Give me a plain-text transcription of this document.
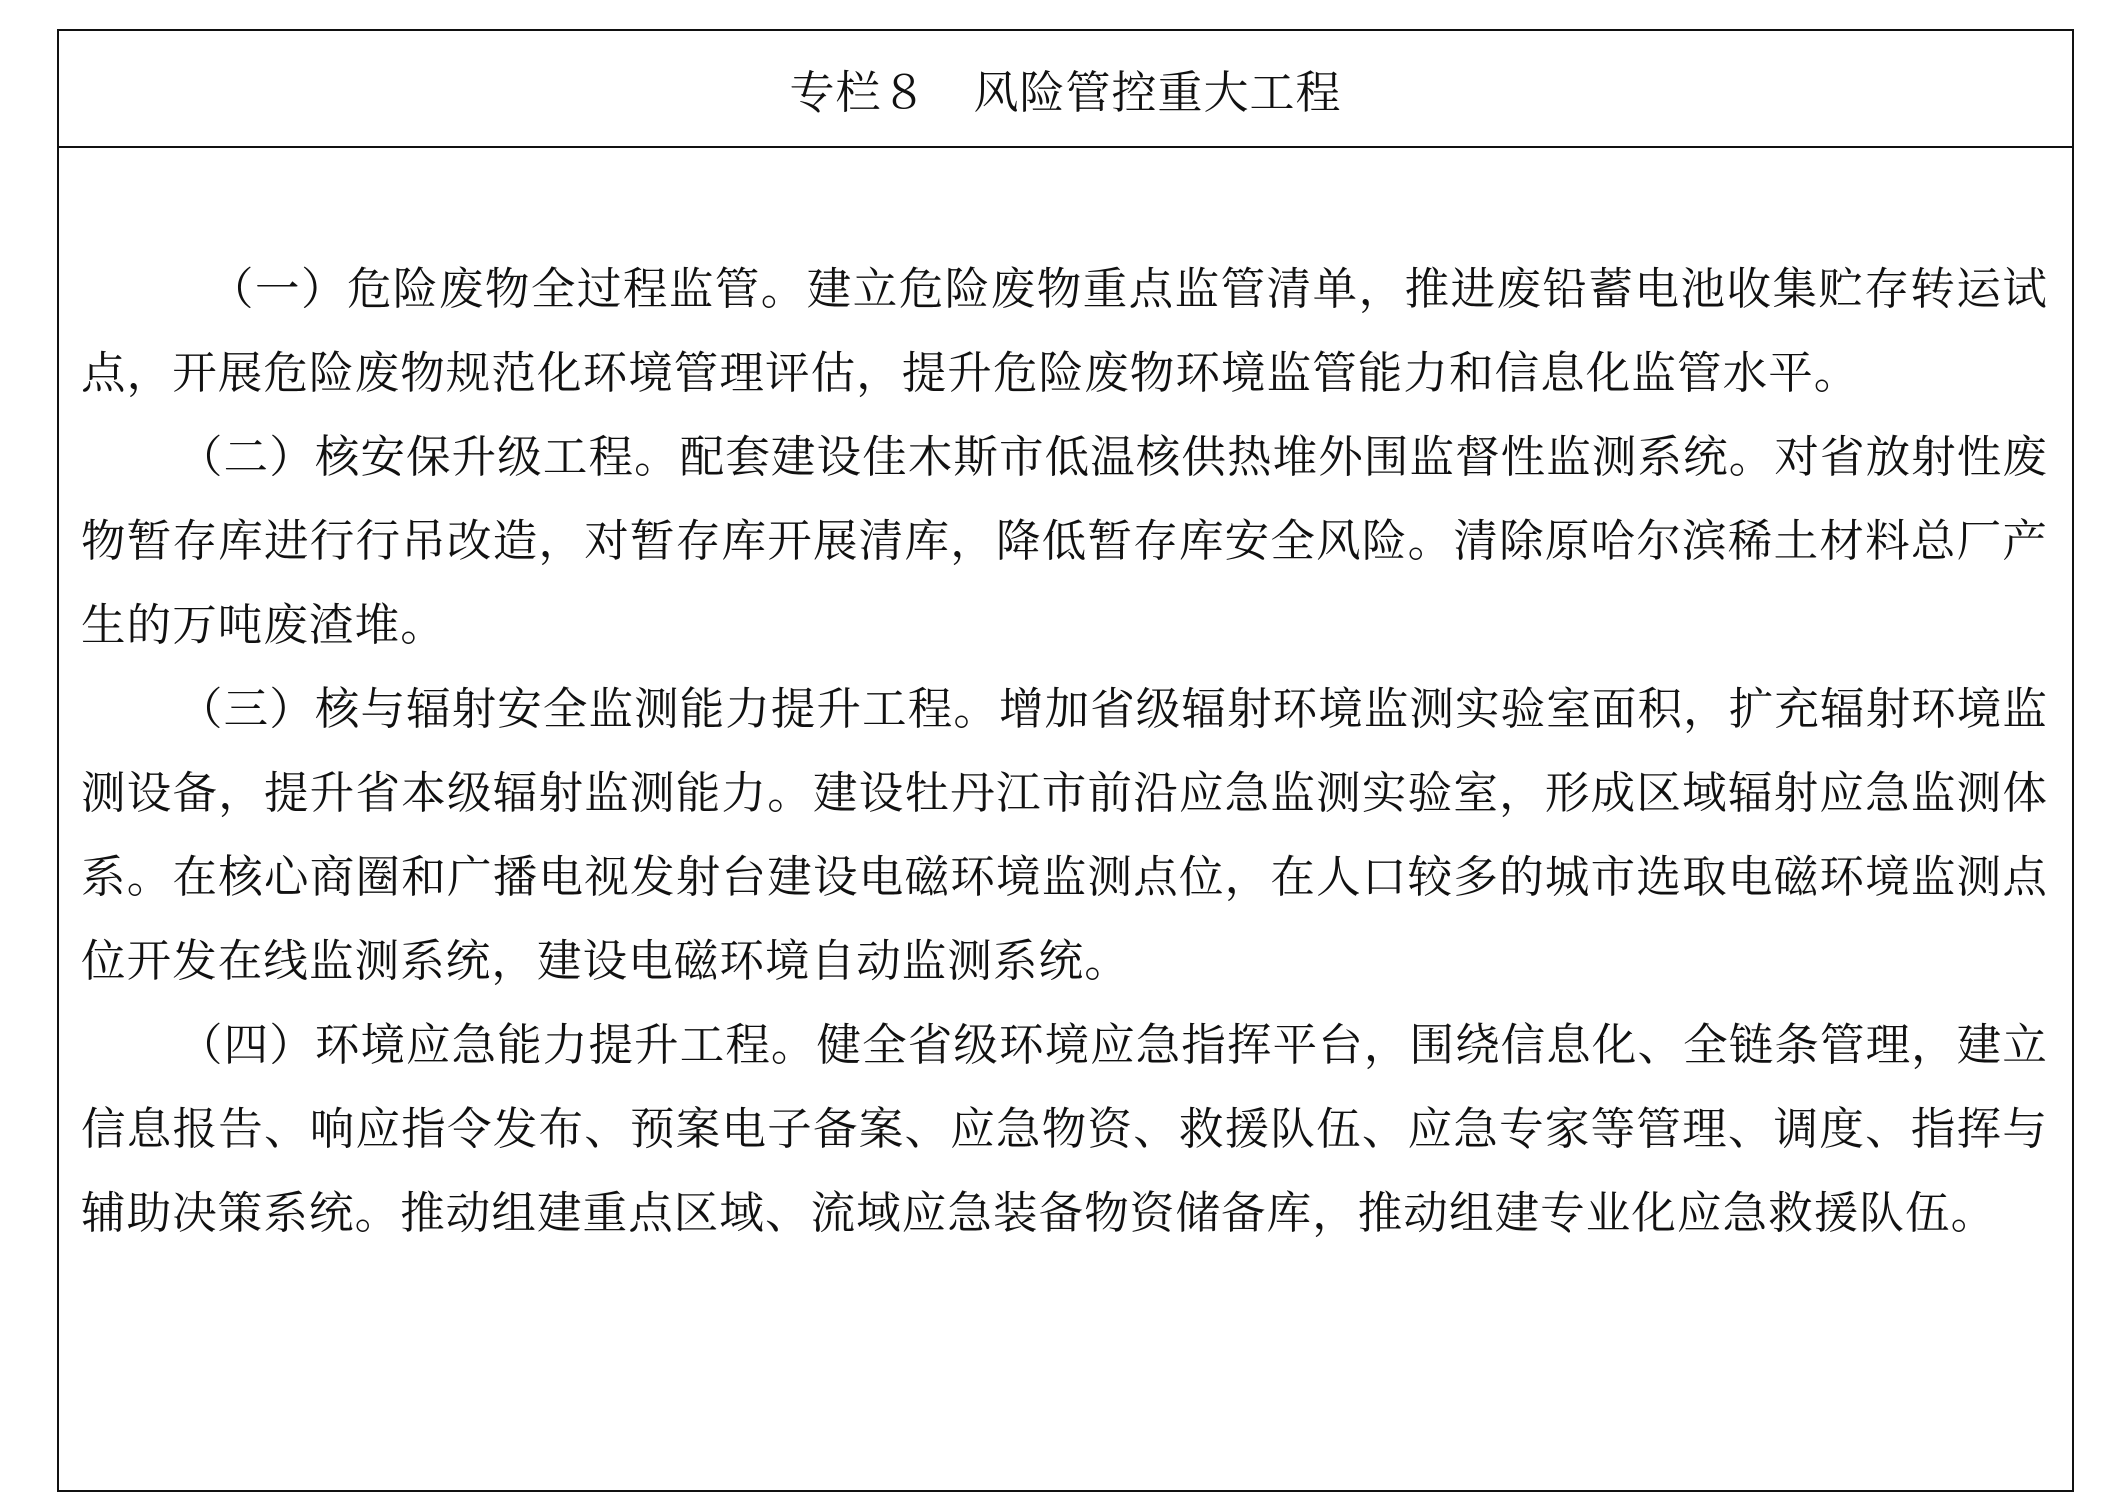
专栏８　风险管控重大工程

（一）危险废物全过程监管。建立危险废物重点监管清单，推进废铅蓄电池收集贮存转运试点，开展危险废物规范化环境管理评估，提升危险废物环境监管能力和信息化监管水平。

（二）核安保升级工程。配套建设佳木斯市低温核供热堆外围监督性监测系统。对省放射性废物暂存库进行行吊改造，对暂存库开展清库，降低暂存库安全风险。清除原哈尔滨稀土材料总厂产生的万吨废渣堆。

（三）核与辐射安全监测能力提升工程。增加省级辐射环境监测实验室面积，扩充辐射环境监测设备，提升省本级辐射监测能力。建设牡丹江市前沿应急监测实验室，形成区域辐射应急监测体系。在核心商圈和广播电视发射台建设电磁环境监测点位，在人口较多的城市选取电磁环境监测点位开发在线监测系统，建设电磁环境自动监测系统。

（四）环境应急能力提升工程。健全省级环境应急指挥平台，围绕信息化、全链条管理，建立信息报告、响应指令发布、预案电子备案、应急物资、救援队伍、应急专家等管理、调度、指挥与辅助决策系统。推动组建重点区域、流域应急装备物资储备库，推动组建专业化应急救援队伍。
